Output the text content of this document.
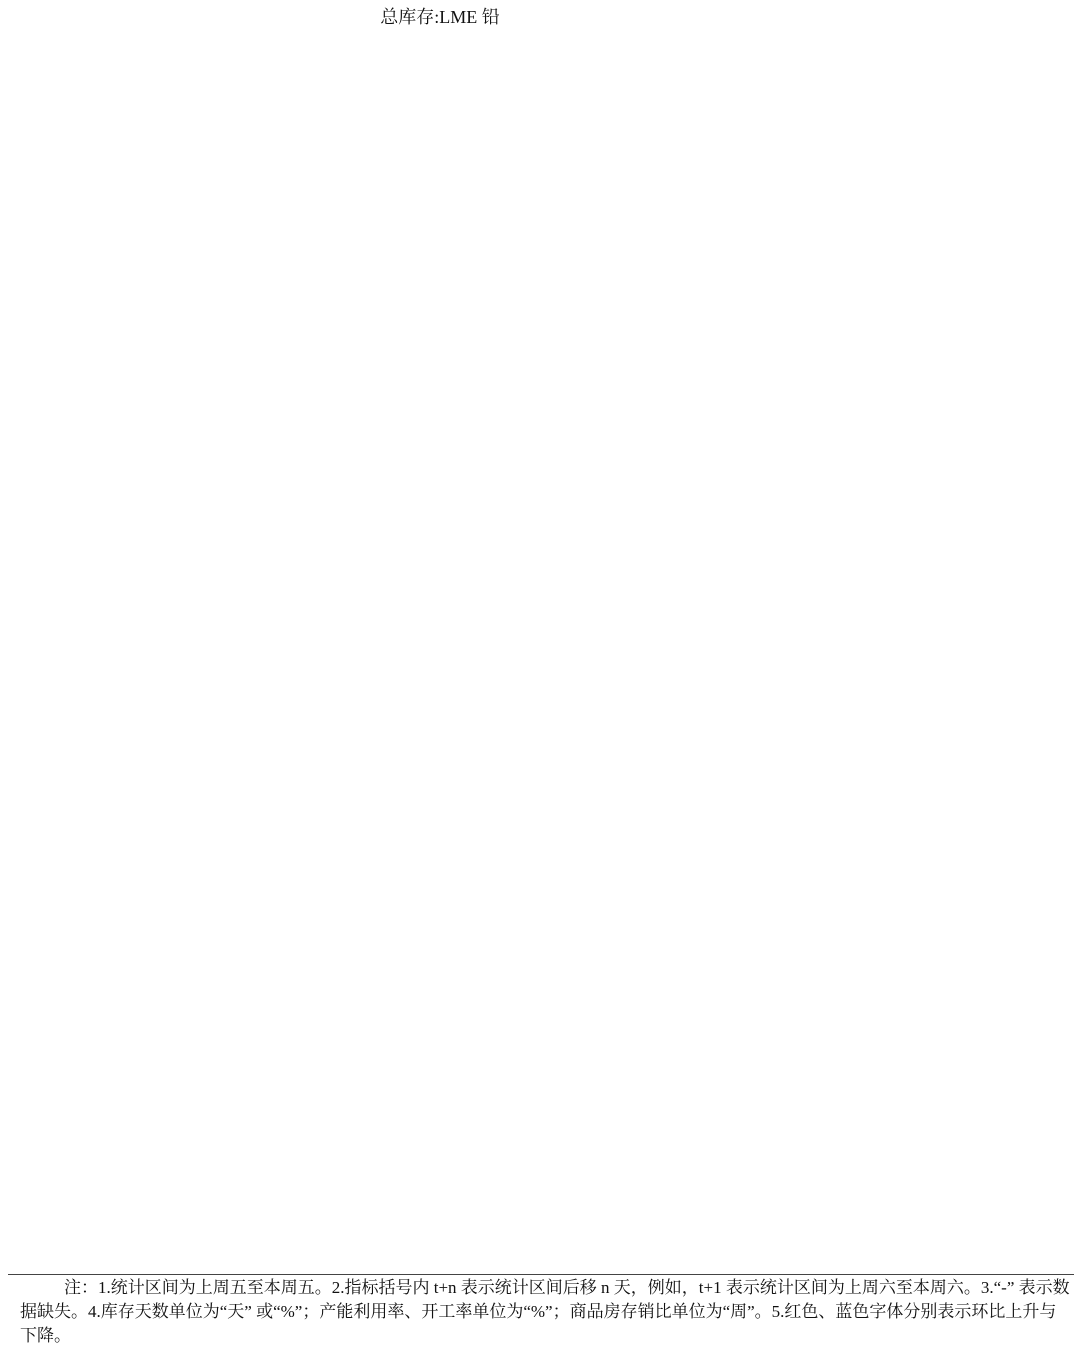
总库存:LME 铅
注：1.统计区间为上周五至本周五。2.指标括号内 t+n 表示统计区间后移 n 天，例如，t+1 表示统计区间为上周六至本周六。3.“-” 表示数据缺失。4.库存天数单位为“天” 或“%”；产能利用率、开工率单位为“%”；商品房存销比单位为“周”。5.红色、蓝色字体分别表示环比上升与下降。
